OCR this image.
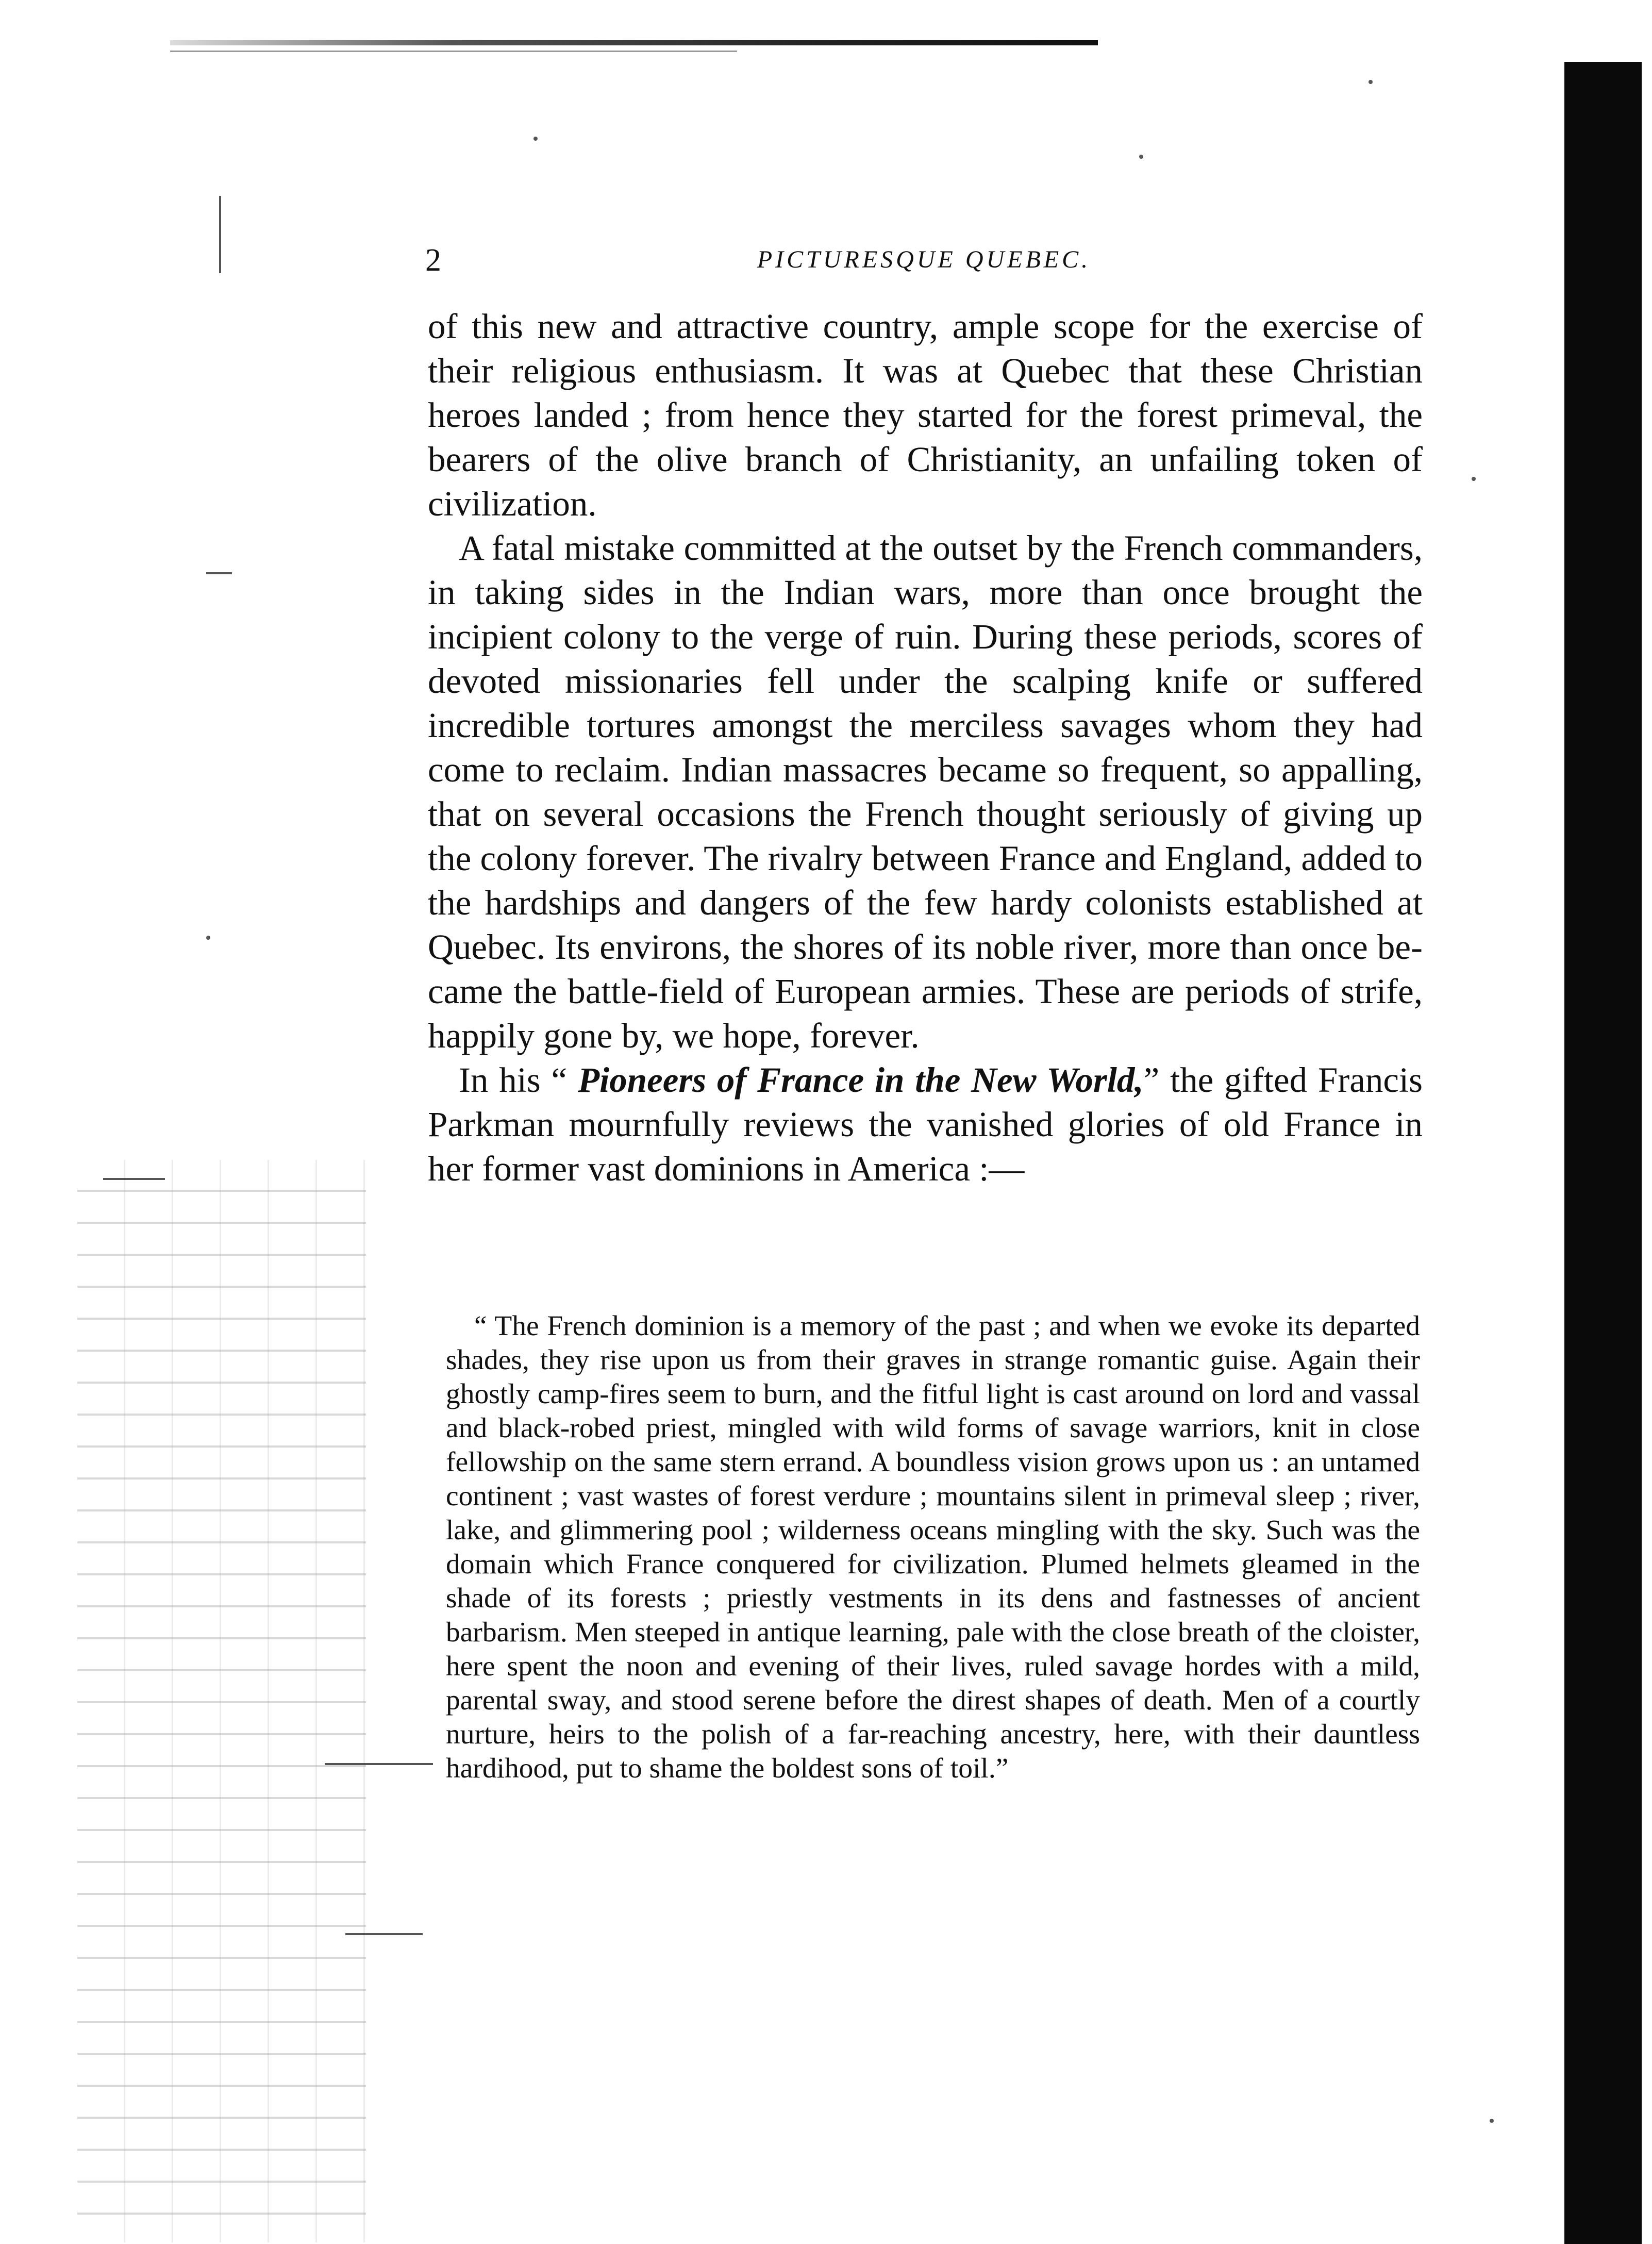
2	PICTURESQUE QUEBEC.

of this new and attractive country, ample scope for the exercise of their religious enthusiasm. It was at Quebec that these Christian heroes landed ; from hence they started for the forest primeval, the bearers of the olive branch of Christianity, an unfailing token of civilization.

A fatal mistake committed at the outset by the French commanders, in taking sides in the Indian wars, more than once brought the incipient colony to the verge of ruin. During these periods, scores of devoted missionaries fell under the scalping knife or suffered incredible tortures amongst the merciless savages whom they had come to reclaim. Indian massacres became so frequent, so appalling, that on several occasions the French thought seriously of giving up the colony forever. The rivalry between France and England, added to the hardships and dangers of the few hardy colonists established at Quebec. Its environs, the shores of its noble river, more than once became the battle-field of European armies. These are periods of strife, happily gone by, we hope, forever.

In his “ Pioneers of France in the New World,” the gifted Francis Parkman mournfully reviews the vanished glories of old France in her former vast dominions in America :—

“ The French dominion is a memory of the past ; and when we evoke its departed shades, they rise upon us from their graves in strange romantic guise. Again their ghostly camp-fires seem to burn, and the fitful light is cast around on lord and vassal and black-robed priest, mingled with wild forms of savage warriors, knit in close fellowship on the same stern errand. A boundless vision grows upon us : an untamed continent ; vast wastes of forest verdure ; mountains silent in primeval sleep ; river, lake, and glimmering pool ; wilderness oceans mingling with the sky. Such was the domain which France conquered for civilization. Plumed helmets gleamed in the shade of its forests ; priestly vestments in its dens and fastnesses of ancient barbarism. Men steeped in antique learning, pale with the close breath of the cloister, here spent the noon and evening of their lives, ruled savage hordes with a mild, parental sway, and stood serene before the direst shapes of death. Men of a courtly nurture, heirs to the polish of a far-reaching ancestry, here, with their dauntless hardihood, put to shame the boldest sons of toil.”
